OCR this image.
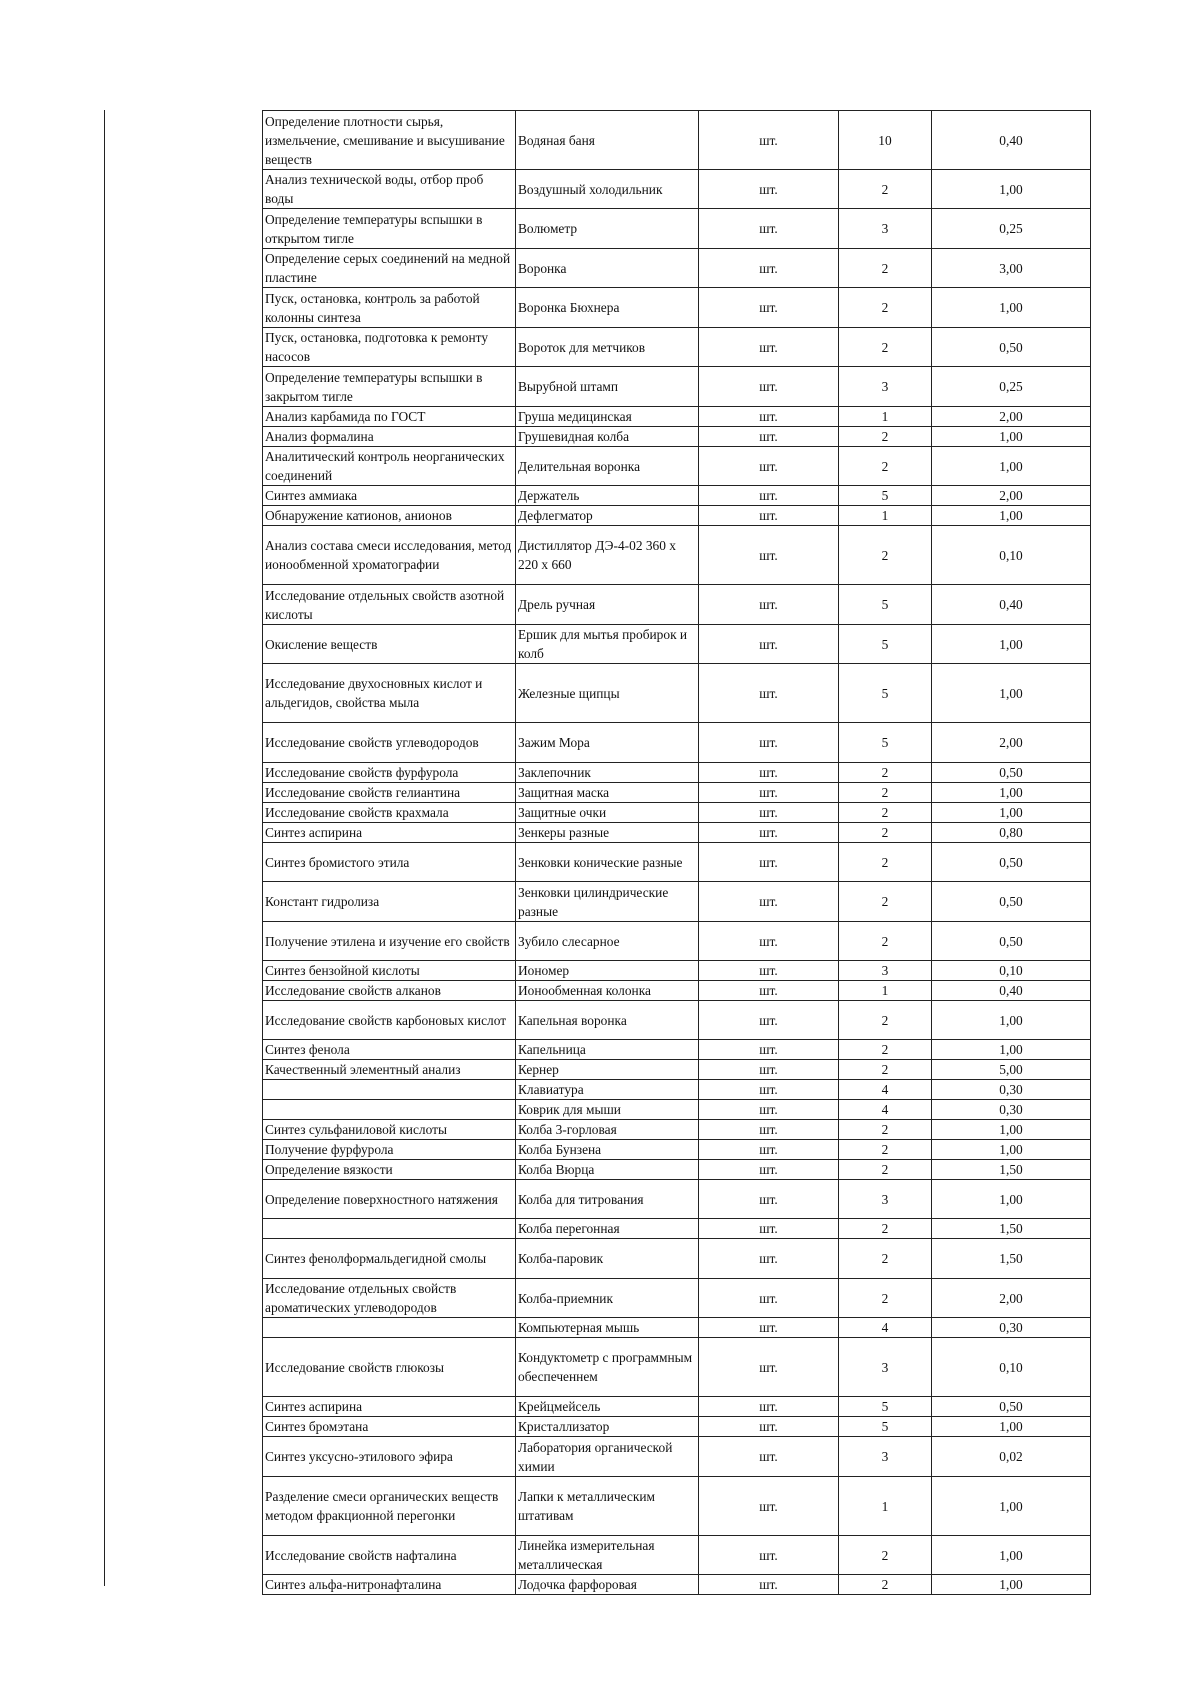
Определение плотности сырья, измельчение, смешивание и высушивание веществ	Водяная баня	шт.	10	0,40
Анализ технической воды, отбор проб воды	Воздушный холодильник	шт.	2	1,00
Определение температуры вспышки в открытом тигле	Волюметр	шт.	3	0,25
Определение серых соединений на медной пластине	Воронка	шт.	2	3,00
Пуск, остановка, контроль за работой колонны синтеза	Воронка Бюхнера	шт.	2	1,00
Пуск, остановка, подготовка к ремонту насосов	Вороток для метчиков	шт.	2	0,50
Определение температуры вспышки в закрытом тигле	Вырубной штамп	шт.	3	0,25
Анализ карбамида по ГОСТ	Груша медицинская	шт.	1	2,00
Анализ формалина	Грушевидная колба	шт.	2	1,00
Аналитический контроль неорганических соединений	Делительная воронка	шт.	2	1,00
Синтез аммиака	Держатель	шт.	5	2,00
Обнаружение катионов, анионов	Дефлегматор	шт.	1	1,00
Анализ состава смеси исследования, метод ионообменной хроматографии	Дистиллятор ДЭ-4-02 360 х 220 х 660	шт.	2	0,10
Исследование отдельных свойств азотной кислоты	Дрель ручная	шт.	5	0,40
Окисление веществ	Ершик для мытья пробирок и колб	шт.	5	1,00
Исследование двухосновных кислот и альдегидов, свойства мыла	Железные щипцы	шт.	5	1,00
Исследование свойств углеводородов	Зажим Мора	шт.	5	2,00
Исследование свойств фурфурола	Заклепочник	шт.	2	0,50
Исследование свойств гелиантина	Защитная маска	шт.	2	1,00
Исследование свойств крахмала	Защитные очки	шт.	2	1,00
Синтез аспирина	Зенкеры разные	шт.	2	0,80
Синтез бромистого этила	Зенковки конические разные	шт.	2	0,50
Констант гидролиза	Зенковки цилиндрические разные	шт.	2	0,50
Получение этилена и изучение его свойств	Зубило слесарное	шт.	2	0,50
Синтез бензойной кислоты	Иономер	шт.	3	0,10
Исследование свойств алканов	Ионообменная колонка	шт.	1	0,40
Исследование свойств карбоновых кислот	Капельная воронка	шт.	2	1,00
Синтез фенола	Капельница	шт.	2	1,00
Качественный элементный анализ	Кернер	шт.	2	5,00
	Клавиатура	шт.	4	0,30
	Коврик для мыши	шт.	4	0,30
Синтез сульфаниловой кислоты	Колба 3-горловая	шт.	2	1,00
Получение фурфурола	Колба Бунзена	шт.	2	1,00
Определение вязкости	Колба Вюрца	шт.	2	1,50
Определение поверхностного натяжения	Колба для титрования	шт.	3	1,00
	Колба перегонная	шт.	2	1,50
Синтез фенолформальдегидной смолы	Колба-паровик	шт.	2	1,50
Исследование отдельных свойств ароматических углеводородов	Колба-приемник	шт.	2	2,00
	Компьютерная мышь	шт.	4	0,30
Исследование свойств глюкозы	Кондуктометр с программным обеспеченнем	шт.	3	0,10
Синтез аспирина	Крейцмейсель	шт.	5	0,50
Синтез бромэтана	Кристаллизатор	шт.	5	1,00
Синтез уксусно-этилового эфира	Лаборатория органической химии	шт.	3	0,02
Разделение смеси органических веществ методом фракционной перегонки	Лапки к металлическим штативам	шт.	1	1,00
Исследование свойств нафталина	Линейка измерительная металлическая	шт.	2	1,00
Синтез альфа-нитронафталина	Лодочка фарфоровая	шт.	2	1,00
